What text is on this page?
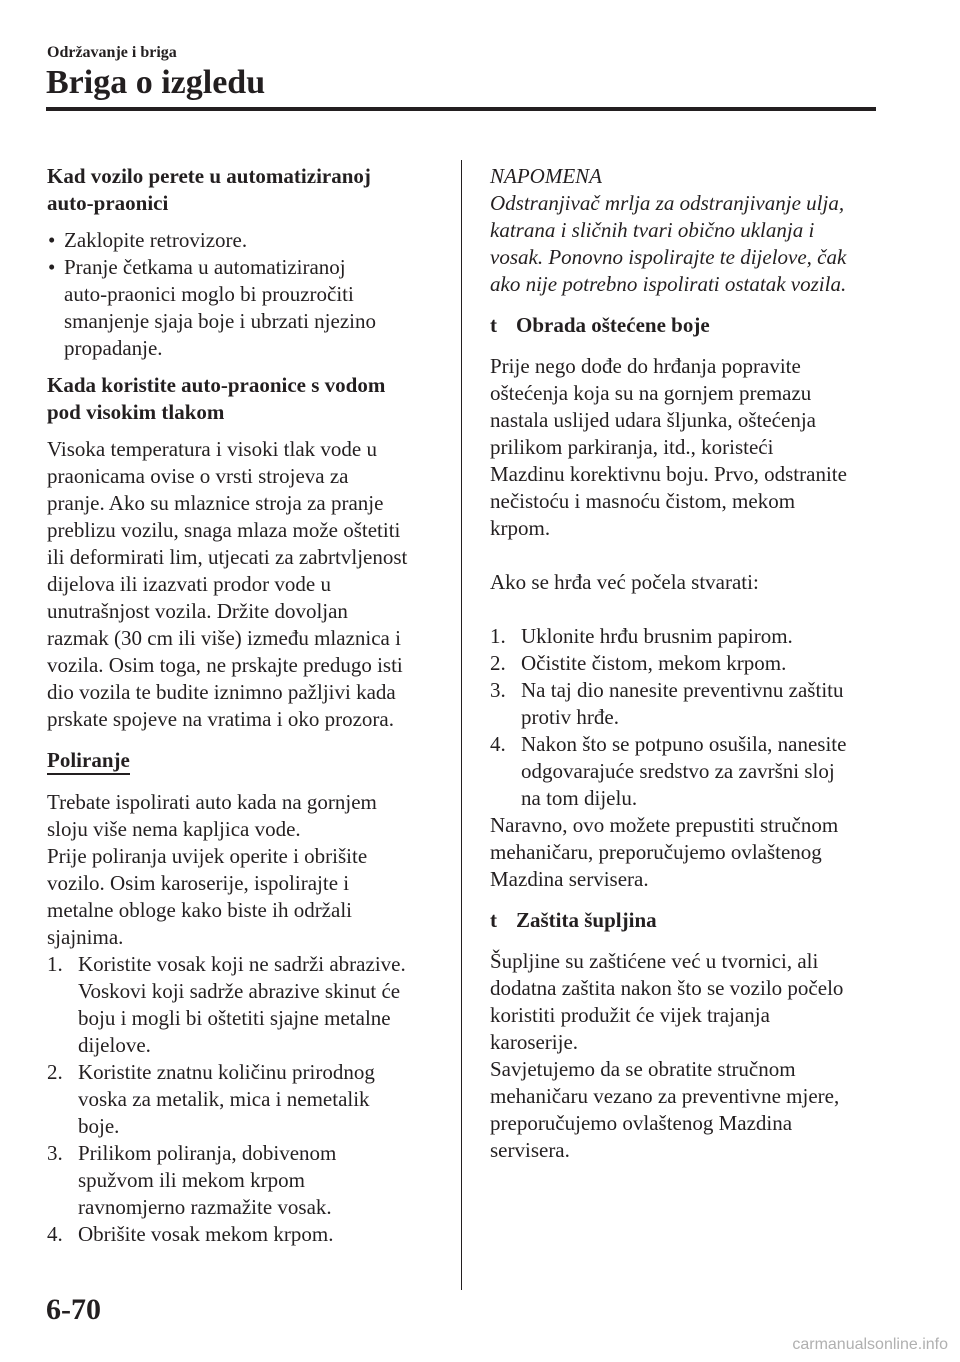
Održavanje i briga
Briga o izgledu

Kad vozilo perete u automatiziranoj

auto-praonici

• Zaklopite retrovizore.
• Pranje četkama u automatiziranoj
auto-praonici moglo bi prouzročiti
smanjenje sjaja boje i ubrzati njezino
propadanje.

Kada koristite auto-praonice s vodom

pod visokim tlakom

Visoka temperatura i visoki tlak vode u

praonicama ovise o vrsti strojeva za

pranje. Ako su mlaznice stroja za pranje

preblizu vozilu, snaga mlaza može oštetiti

ili deformirati lim, utjecati za zabrtvljenost

dijelova ili izazvati prodor vode u

unutrašnjost vozila. Držite dovoljan

razmak (30 cm ili više) između mlaznica i

vozila. Osim toga, ne prskajte predugo isti

dio vozila te budite iznimno pažljivi kada

prskate spojeve na vratima i oko prozora.

Poliranje

Trebate ispolirati auto kada na gornjem

sloju više nema kapljica vode.

Prije poliranja uvijek operite i obrišite

vozilo. Osim karoserije, ispolirajte i

metalne obloge kako biste ih održali

sjajnima.

1. Koristite vosak koji ne sadrži abrazive.
Voskovi koji sadrže abrazive skinut će
boju i mogli bi oštetiti sjajne metalne
dijelove.
2. Koristite znatnu količinu prirodnog
voska za metalik, mica i nemetalik
boje.
3. Prilikom poliranja, dobivenom
spužvom ili mekom krpom
ravnomjerno razmažite vosak.
4. Obrišite vosak mekom krpom.

NAPOMENA

Odstranjivač mrlja za odstranjivanje ulja,

katrana i sličnih tvari obično uklanja i

vosak. Ponovno ispolirajte te dijelove, čak

ako nije potrebno ispolirati ostatak vozila.

t Obrada oštećene boje

Prije nego dođe do hrđanja popravite

oštećenja koja su na gornjem premazu

nastala uslijed udara šljunka, oštećenja

prilikom parkiranja, itd., koristeći

Mazdinu korektivnu boju. Prvo, odstranite

nečistoću i masnoću čistom, mekom

krpom.

Ako se hrđa već počela stvarati:

1. Uklonite hrđu brusnim papirom.
2. Očistite čistom, mekom krpom.
3. Na taj dio nanesite preventivnu zaštitu
protiv hrđe.
4. Nakon što se potpuno osušila, nanesite
odgovarajuće sredstvo za završni sloj
na tom dijelu.

Naravno, ovo možete prepustiti stručnom

mehaničaru, preporučujemo ovlaštenog

Mazdina servisera.

t Zaštita šupljina

Šupljine su zaštićene već u tvornici, ali

dodatna zaštita nakon što se vozilo počelo

koristiti produžit će vijek trajanja

karoserije.

Savjetujemo da se obratite stručnom

mehaničaru vezano za preventivne mjere,

preporučujemo ovlaštenog Mazdina

servisera.

6-70
carmanualsonline.info
